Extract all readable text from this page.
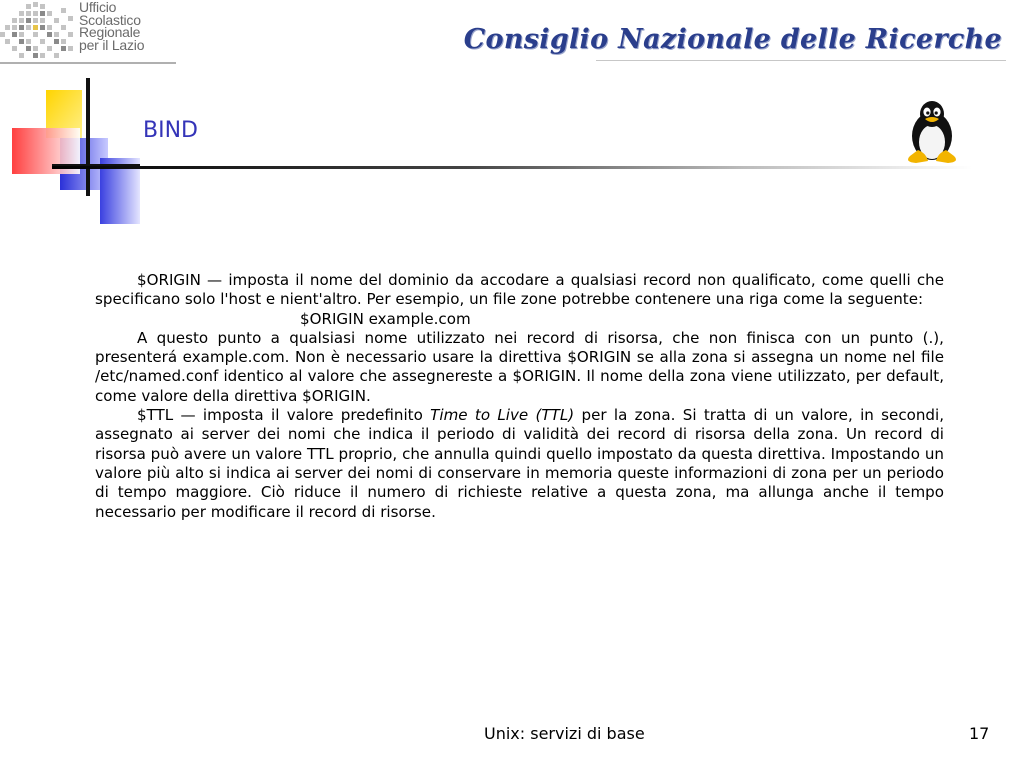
Ufficio
Scolastico
Regionale
per il Lazio	Consiglio Nazionale delle Ricerche
BIND

$ORIGIN — imposta il nome del dominio da accodare a qualsiasi record non qualificato, come quelli che specificano solo l'host e nient'altro. Per esempio, un file zone potrebbe contenere una riga come la seguente:

$ORIGIN example.com

A questo punto a qualsiasi nome utilizzato nei record di risorsa, che non finisca con un punto (.), presenterá example.com. Non è necessario usare la direttiva $ORIGIN se alla zona si assegna un nome nel file /etc/named.conf identico al valore che assegnereste a $ORIGIN. Il nome della zona viene utilizzato, per default, come valore della direttiva $ORIGIN.

$TTL — imposta il valore predefinito Time to Live (TTL) per la zona. Si tratta di un valore, in secondi, assegnato ai server dei nomi che indica il periodo di validità dei record di risorsa della zona. Un record di risorsa può avere un valore TTL proprio, che annulla quindi quello impostato da questa direttiva. Impostando un valore più alto si indica ai server dei nomi di conservare in memoria queste informazioni di zona per un periodo di tempo maggiore. Ciò riduce il numero di richieste relative a questa zona, ma allunga anche il tempo necessario per modificare il record di risorse.

Unix: servizi di base	17
